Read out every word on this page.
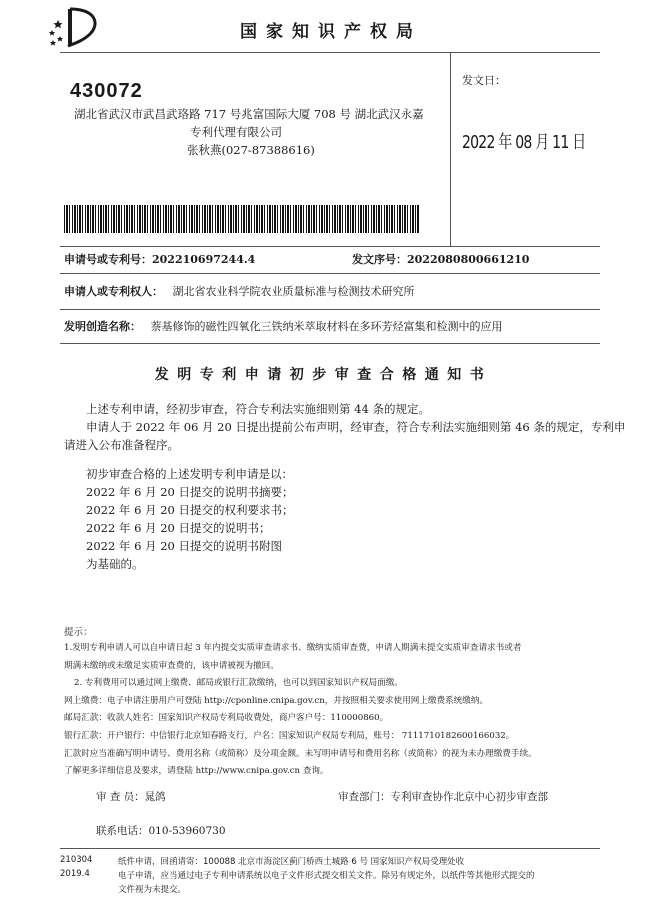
国家知识产权局
430072
湖北省武汉市武昌武珞路 717 号兆富国际大厦 708 号 湖北武汉永嘉
专利代理有限公司
张秋燕(027-87388616)
发文日：
2022 年 08 月 11 日
申请号或专利号：202210697244.4	发文序号：2022080800661210
申请人或专利权人： 湖北省农业科学院农业质量标准与检测技术研究所
发明创造名称： 萘基修饰的磁性四氧化三铁纳米萃取材料在多环芳烃富集和检测中的应用
发明专利申请初步审查合格通知书
上述专利申请，经初步审查，符合专利法实施细则第 44 条的规定。
申请人于 2022 年 06 月 20 日提出提前公布声明，经审查，符合专利法实施细则第 46 条的规定，专利申
请进入公布准备程序。
初步审查合格的上述发明专利申请是以：
2022 年 6 月 20 日提交的说明书摘要；
2022 年 6 月 20 日提交的权利要求书；
2022 年 6 月 20 日提交的说明书；
2022 年 6 月 20 日提交的说明书附图
为基础的。
提示：
1.发明专利申请人可以自申请日起 3 年内提交实质审查请求书、缴纳实质审查费，申请人期满未提交实质审查请求书或者
期满未缴纳或未缴足实质审查费的，该申请被视为撤回。
2. 专利费用可以通过网上缴费、邮局或银行汇款缴纳，也可以到国家知识产权局面缴。
网上缴费：电子申请注册用户可登陆 http://cponline.cnipa.gov.cn，并按照相关要求使用网上缴费系统缴纳。
邮局汇款：收款人姓名：国家知识产权局专利局收费处，商户客户号：110000860。
银行汇款：开户银行：中信银行北京知春路支行，户名：国家知识产权局专利局，账号： 7111710182600166032。
汇款时应当准确写明申请号、费用名称（或简称）及分项金额。未写明申请号和费用名称（或简称）的视为未办理缴费手续。
了解更多详细信息及要求，请登陆 http://www.cnipa.gov.cn 查询。
审 查 员：晁鸽	审查部门：专利审查协作北京中心初步审查部
联系电话：010-53960730
210304
2019.4
纸件申请，回函请寄：100088 北京市海淀区蓟门桥西土城路 6 号 国家知识产权局受理处收
电子申请，应当通过电子专利申请系统以电子文件形式提交相关文件。除另有规定外，以纸件等其他形式提交的
文件视为未提交。
